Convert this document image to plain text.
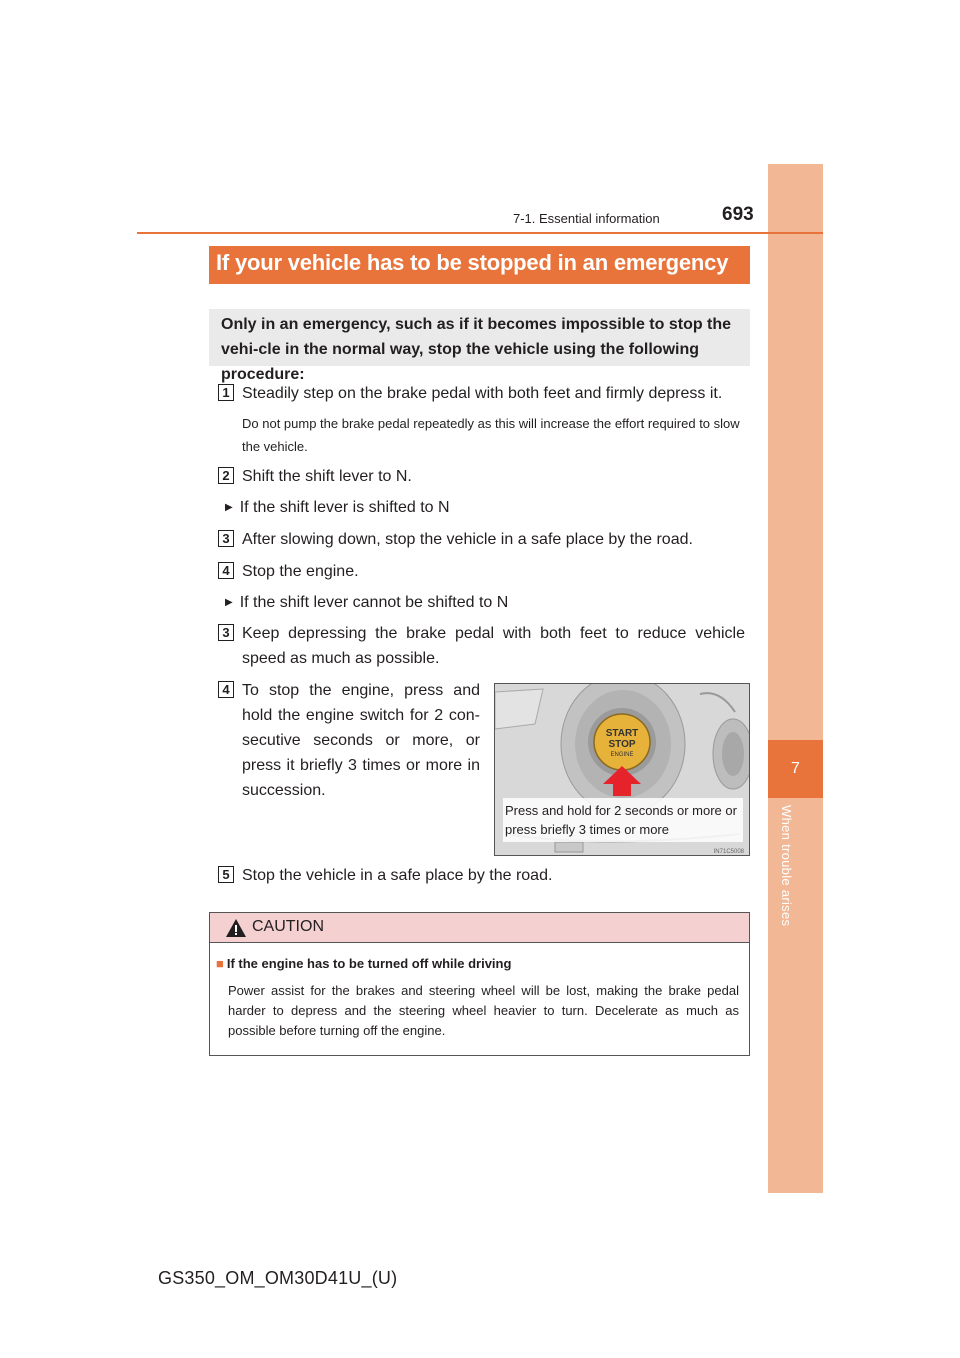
7
When trouble arises
7-1. Essential information	693
If your vehicle has to be stopped in an emergency
Only in an emergency, such as if it becomes impossible to stop the vehi-cle in the normal way, stop the vehicle using the following procedure:
1 Steadily step on the brake pedal with both feet and firmly depress it.
Do not pump the brake pedal repeatedly as this will increase the effort required to slow the vehicle.
2 Shift the shift lever to N.
▶ If the shift lever is shifted to N
3 After slowing down, stop the vehicle in a safe place by the road.
4 Stop the engine.
▶ If the shift lever cannot be shifted to N
3 Keep depressing the brake pedal with both feet to reduce vehicle speed as much as possible.
4 To stop the engine, press and hold the engine switch for 2 con-secutive seconds or more, or press it briefly 3 times or more in succession.
START
STOP
ENGINE
IN71C5008
Press and hold for 2 seconds or more or press briefly 3 times or more
5 Stop the vehicle in a safe place by the road.
CAUTION
■ If the engine has to be turned off while driving
Power assist for the brakes and steering wheel will be lost, making the brake pedal harder to depress and the steering wheel heavier to turn. Decelerate as much as possible before turning off the engine.
GS350_OM_OM30D41U_(U)
